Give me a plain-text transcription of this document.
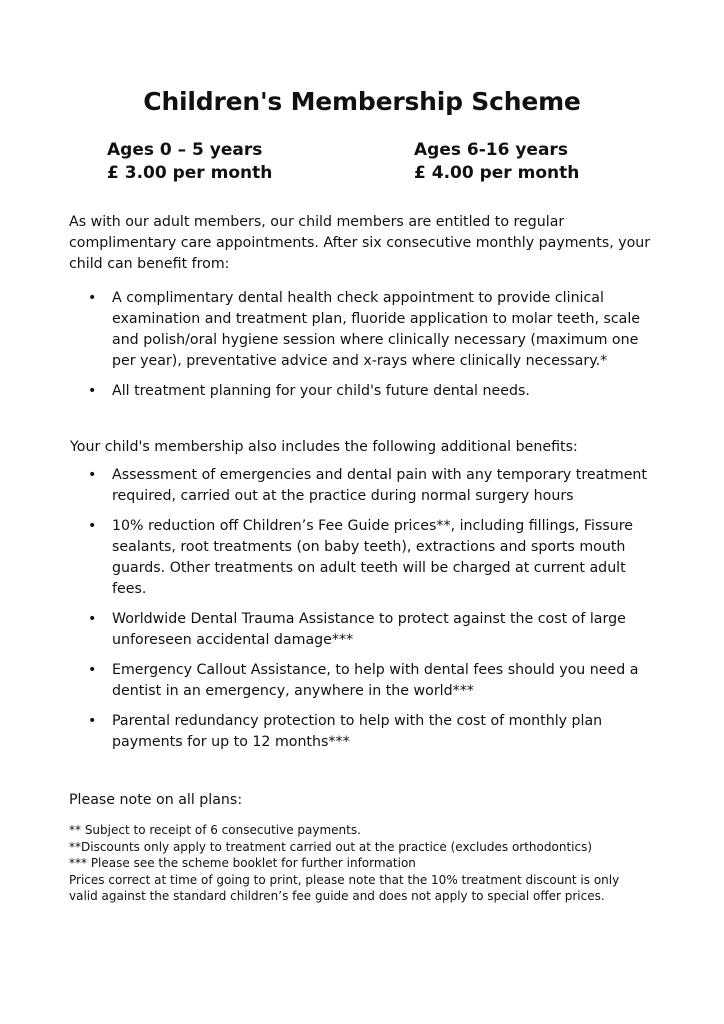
Children's Membership Scheme
Ages 0 – 5 years
£ 3.00 per month
Ages 6-16 years
£ 4.00 per month

As with our adult members, our child members are entitled to regular complimentary care appointments. After six consecutive monthly payments, your child can benefit from:

• A complimentary dental health check appointment to provide clinical examination and treatment plan, fluoride application to molar teeth, scale and polish/oral hygiene session where clinically necessary (maximum one per year), preventative advice and x-rays where clinically necessary.*
• All treatment planning for your child's future dental needs.

Your child's membership also includes the following additional benefits:

• Assessment of emergencies and dental pain with any temporary treatment required, carried out at the practice during normal surgery hours
• 10% reduction off Children’s Fee Guide prices**, including fillings, Fissure sealants, root treatments (on baby teeth), extractions and sports mouth guards. Other treatments on adult teeth will be charged at current adult fees.
• Worldwide Dental Trauma Assistance to protect against the cost of large unforeseen accidental damage***
• Emergency Callout Assistance, to help with dental fees should you need a dentist in an emergency, anywhere in the world***
• Parental redundancy protection to help with the cost of monthly plan payments for up to 12 months***
Please note on all plans:
** Subject to receipt of 6 consecutive payments.
**Discounts only apply to treatment carried out at the practice (excludes orthodontics)
*** Please see the scheme booklet for further information
Prices correct at time of going to print, please note that the 10% treatment discount is only
valid against the standard children’s fee guide and does not apply to special offer prices.
